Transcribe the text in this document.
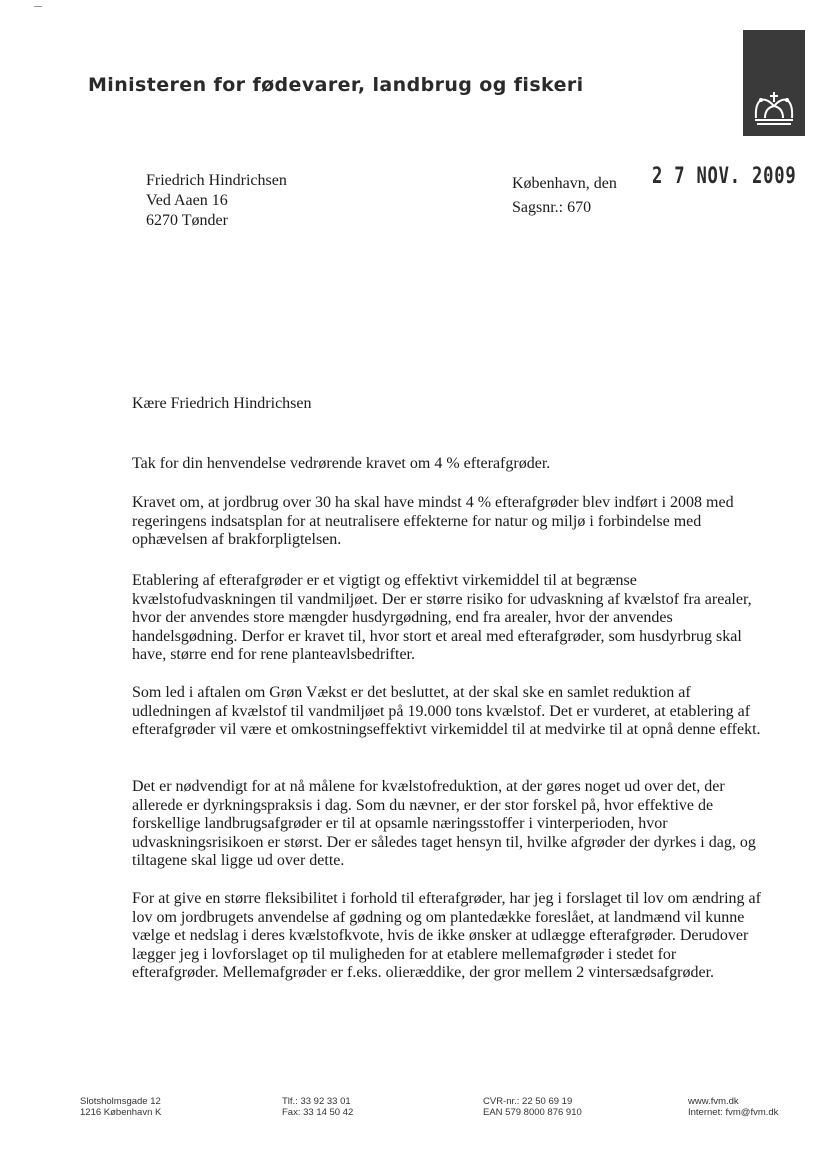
Ministeren for fødevarer, landbrug og fiskeri
Friedrich Hindrichsen
Ved Aaen 16
6270 Tønder
København, den 2 7 NOV. 2009
Sagsnr.: 670
Kære Friedrich Hindrichsen
Tak for din henvendelse vedrørende kravet om 4 % efterafgrøder.
Kravet om, at jordbrug over 30 ha skal have mindst 4 % efterafgrøder blev indført i 2008 med regeringens indsatsplan for at neutralisere effekterne for natur og miljø i forbindelse med ophævelsen af brakforpligtelsen.
Etablering af efterafgrøder er et vigtigt og effektivt virkemiddel til at begrænse kvælstofudvaskningen til vandmiljøet. Der er større risiko for udvaskning af kvælstof fra arealer, hvor der anvendes store mængder husdyrgødning, end fra arealer, hvor der anvendes handelsgødning. Derfor er kravet til, hvor stort et areal med efterafgrøder, som husdyrbrug skal have, større end for rene planteavlsbedrifter.
Som led i aftalen om Grøn Vækst er det besluttet, at der skal ske en samlet reduktion af udledningen af kvælstof til vandmiljøet på 19.000 tons kvælstof. Det er vurderet, at etablering af efterafgrøder vil være et omkostningseffektivt virkemiddel til at medvirke til at opnå denne effekt.
Det er nødvendigt for at nå målene for kvælstofreduktion, at der gøres noget ud over det, der allerede er dyrkningspraksis i dag. Som du nævner, er der stor forskel på, hvor effektive de forskellige landbrugsafgrøder er til at opsamle næringsstoffer i vinterperioden, hvor udvaskningsrisikoen er størst. Der er således taget hensyn til, hvilke afgrøder der dyrkes i dag, og tiltagene skal ligge ud over dette.
For at give en større fleksibilitet i forhold til efterafgrøder, har jeg i forslaget til lov om ændring af lov om jordbrugets anvendelse af gødning og om plantedække foreslået, at landmænd vil kunne vælge et nedslag i deres kvælstofkvote, hvis de ikke ønsker at udlægge efterafgrøder. Derudover lægger jeg i lovforslaget op til muligheden for at etablere mellemafgrøder i stedet for efterafgrøder. Mellemafgrøder er f.eks. olieræddike, der gror mellem 2 vintersædsafgrøder.
Slotsholmsgade 12
1216 København K
Tlf.: 33 92 33 01
Fax: 33 14 50 42
CVR-nr.: 22 50 69 19
EAN 579 8000 876 910
www.fvm.dk
Internet: fvm@fvm.dk
